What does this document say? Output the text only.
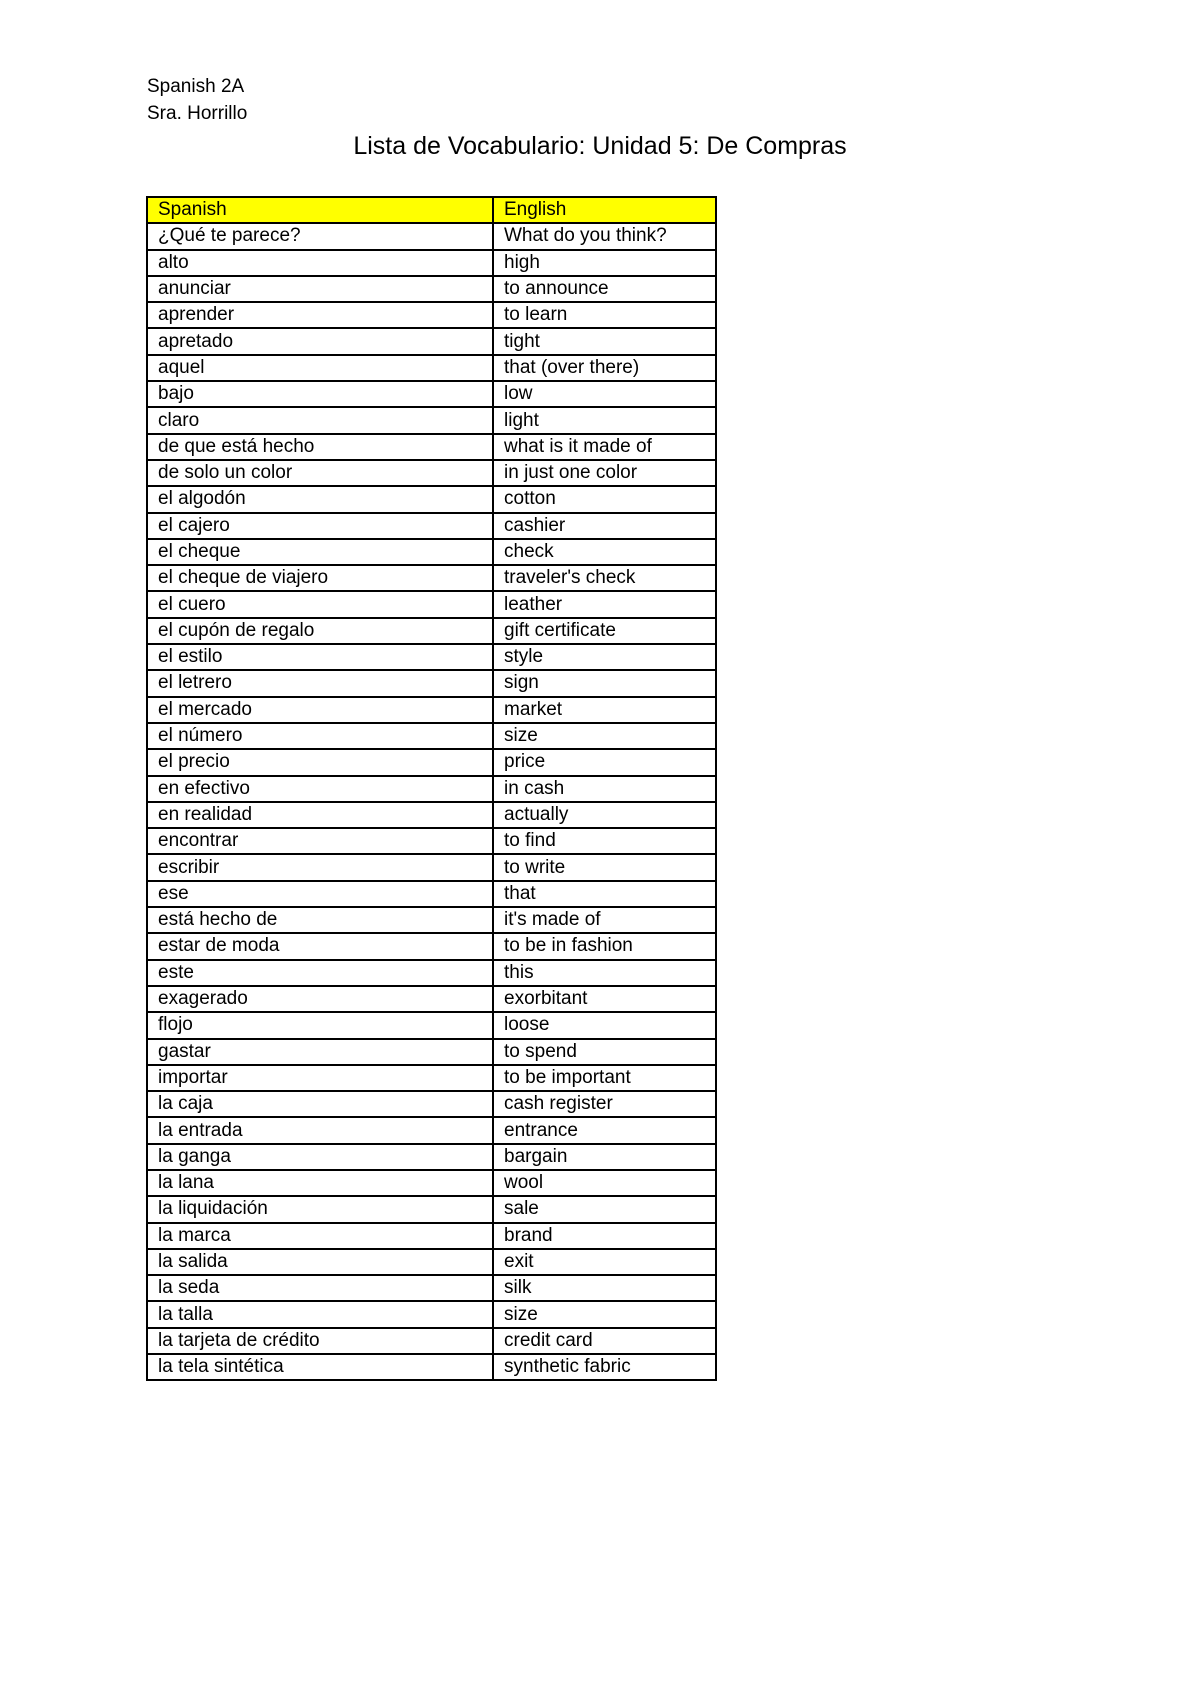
Spanish 2A
Sra. Horrillo
Lista de Vocabulario: Unidad 5: De Compras
Spanish	English
¿Qué te parece?	What do you think?
alto	high
anunciar	to announce
aprender	to learn
apretado	tight
aquel	that (over there)
bajo	low
claro	light
de que está hecho	what is it made of
de solo un color	in just one color
el algodón	cotton
el cajero	cashier
el cheque	check
el cheque de viajero	traveler's check
el cuero	leather
el cupón de regalo	gift certificate
el estilo	style
el letrero	sign
el mercado	market
el número	size
el precio	price
en efectivo	in cash
en realidad	actually
encontrar	to find
escribir	to write
ese	that
está hecho de	it's made of
estar de moda	to be in fashion
este	this
exagerado	exorbitant
flojo	loose
gastar	to spend
importar	to be important
la caja	cash register
la entrada	entrance
la ganga	bargain
la lana	wool
la liquidación	sale
la marca	brand
la salida	exit
la seda	silk
la talla	size
la tarjeta de crédito	credit card
la tela sintética	synthetic fabric
